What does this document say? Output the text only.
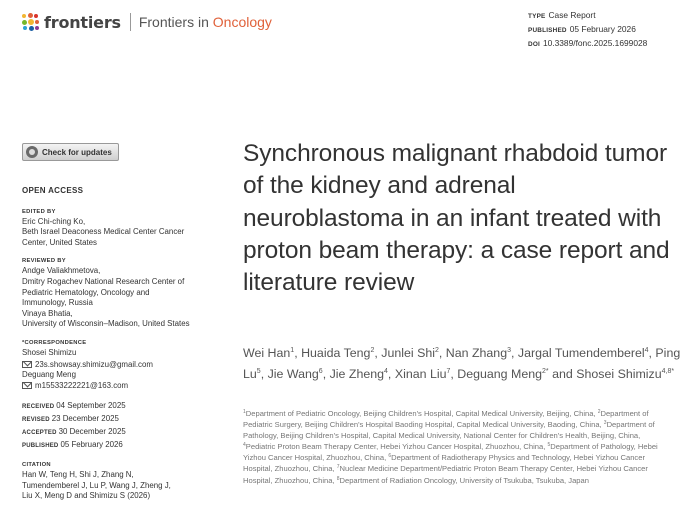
frontiers Frontiers in Oncology	TYPE Case Report
PUBLISHED 05 February 2026
DOI 10.3389/fonc.2025.1699028
Check for updates
OPEN ACCESS
EDITED BY
Eric Chi-ching Ko,
Beth Israel Deaconess Medical Center Cancer
Center, United States
REVIEWED BY
Andge Valiakhmetova,
Dmitry Rogachev National Research Center of
Pediatric Hematology, Oncology and
Immunology, Russia
Vinaya Bhatia,
University of Wisconsin–Madison, United States
*CORRESPONDENCE
Shosei Shimizu
23s.showsay.shimizu@gmail.com
Deguang Meng
m15533222221@163.com
RECEIVED 04 September 2025
REVISED 23 December 2025
ACCEPTED 30 December 2025
PUBLISHED 05 February 2026
CITATION
Han W, Teng H, Shi J, Zhang N,
Tumendemberel J, Lu P, Wang J, Zheng J,
Liu X, Meng D and Shimizu S (2026)
Synchronous malignant rhabdoid tumor of the kidney and adrenal neuroblastoma in an infant treated with proton beam therapy: a case report and literature review
Wei Han$^1$, Huaida Teng$^2$, Junlei Shi$^2$, Nan Zhang$^3$, Jargal Tumendemberel$^4$, Ping Lu$^5$, Jie Wang$^6$, Jie Zheng$^4$, Xinan Liu$^7$, Deguang Meng$^{2*}$ and Shosei Shimizu$^{4,8*}$
$^1$Department of Pediatric Oncology, Beijing Children's Hospital, Capital Medical University, Beijing, China, $^2$Department of Pediatric Surgery, Beijing Children's Hospital Baoding Hospital, Capital Medical University, Baoding, China, $^3$Department of Pathology, Beijing Children's Hospital, Capital Medical University, National Center for Children's Health, Beijing, China, $^4$Pediatric Proton Beam Therapy Center, Hebei Yizhou Cancer Hospital, Zhuozhou, China, $^5$Department of Pathology, Hebei Yizhou Cancer Hospital, Zhuozhou, China, $^6$Department of Radiotherapy Physics and Technology, Hebei Yizhou Cancer Hospital, Zhuozhou, China, $^7$Nuclear Medicine Department/Pediatric Proton Beam Therapy Center, Hebei Yizhou Cancer Hospital, Zhuozhou, China, $^8$Department of Radiation Oncology, University of Tsukuba, Tsukuba, Japan
